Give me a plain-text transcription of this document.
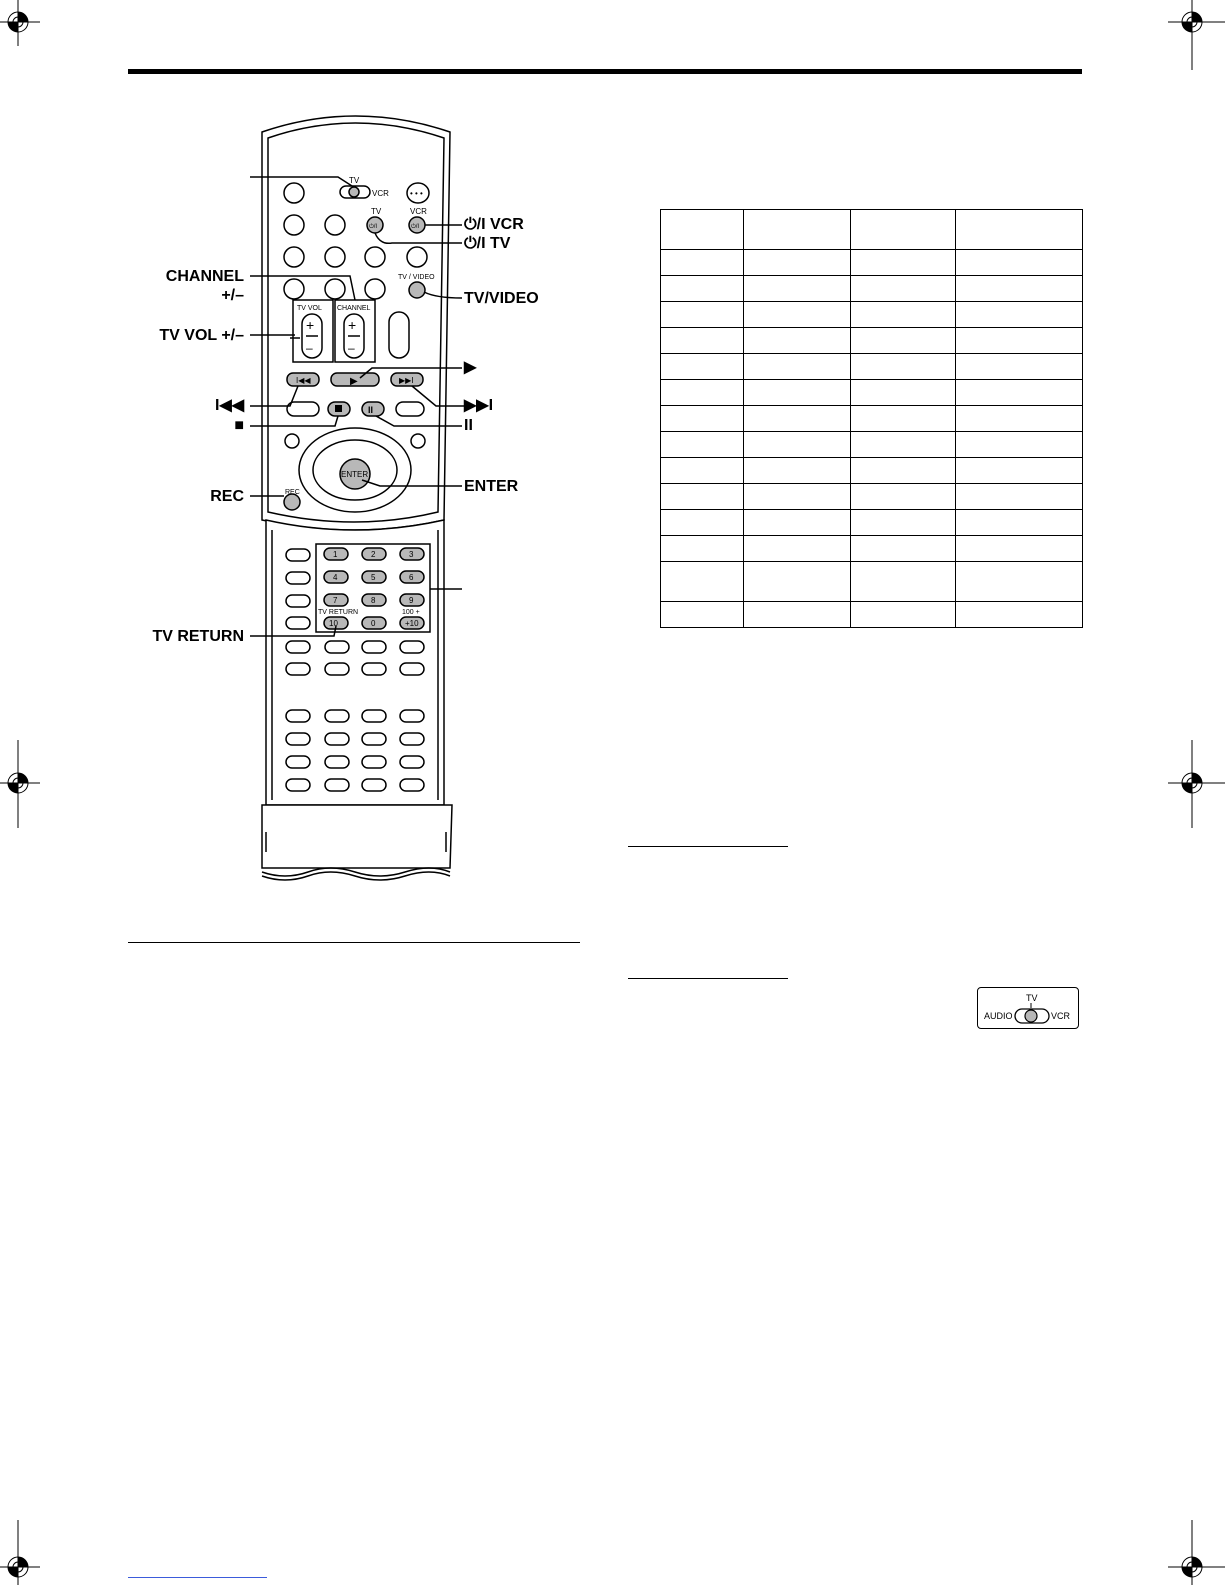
TV
VCR	• • •
TV
⏻/I
VCR
⏻/I
TV / VIDEO
TV VOL
+
–
CHANNEL
+
–
I◀◀	▶	▶▶I
II
ENTER
REC
1	2	3
4	5	6
7	8	9
10	0	+10
TV RETURN	100 +
⏻/I VCR
⏻/I TV
CHANNEL
+/–	TV/VIDEO
TV VOL +/–
▶
I◀◀	▶▶I
■	II
ENTER
REC
TV RETURN

TV
AUDIO	VCR
